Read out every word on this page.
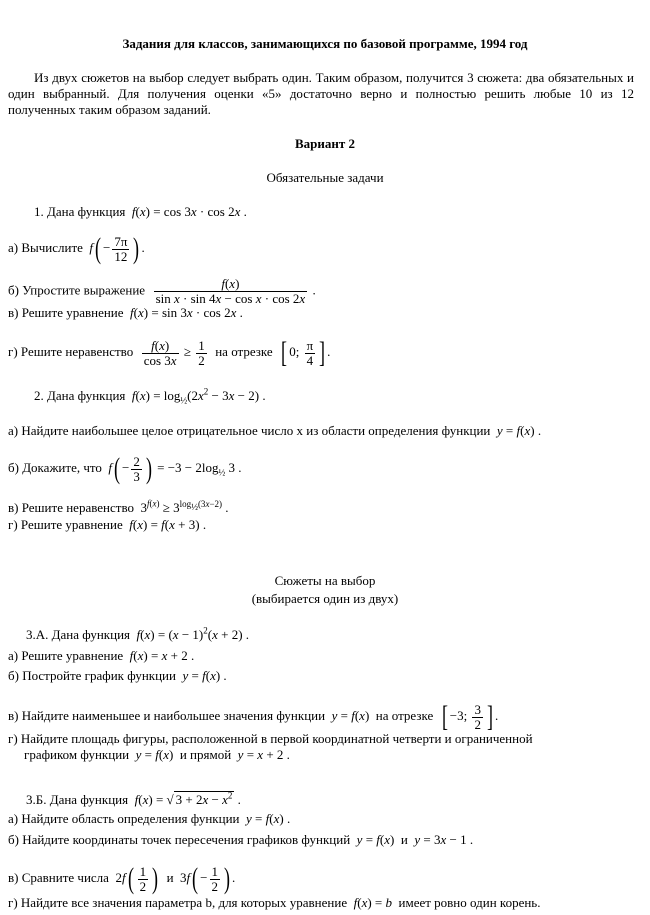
Задания для классов, занимающихся по базовой программе, 1994 год
Из двух сюжетов на выбор следует выбрать один. Таким образом, получится 3 сюжета: два обязательных и один выбранный. Для получения оценки «5» достаточно верно и полностью решить любые 10 из 12 полученных таким образом заданий.
Вариант 2
Обязательные задачи
1. Дана функция f(x) = cos 3x · cos 2x .
а) Вычислите $f( - \frac{7\pi}{12}$ ) .
б) Упростите выражение $\frac{f(x)}{\text{sin x · sin 4x − cos x · cos 2x}}$ .
в) Решите уравнение f(x) = sin 3x · cos 2x .
г) Решите неравенство $\frac{f(x)}{\cos 3x} \ge \frac{1}{2}$ на отрезке [ 0; $\frac{\pi}{4}$ ] .
2. Дана функция $f(x) = \log_{\frac{1}{2}}(2x^2 - 3x - 2)$ .
а) Найдите наибольшее целое отрицательное число x из области определения функции y = f(x) .
б) Докажите, что $f( - \frac{2}{3}$ ) = $-3 - 2\log_{\frac{1}{2}}$ 3 .
в) Решите неравенство  $3^{f(x)} \ge 3^{log_{\frac{1}{2}}(3x-2)}$ .
г) Решите уравнение f(x) = f(x + 3) .
Сюжеты на выбор
(выбирается один из двух)
3.А. Дана функция $f(x) = (x - 1)^2(x + 2)$ .
а) Решите уравнение f(x) = x + 2 .
б) Постройте график функции y = f(x) .
в) Найдите наименьшее и наибольшее значения функции y = f(x)  на отрезке [ −3; $\frac{3}{2}$ ] .
г) Найдите площадь фигуры, расположенной в первой координатной четверти и ограниченной
графиком функции y = f(x)  и прямой y = x + 2 .
3.Б. Дана функция f(x) = √ $3 + 2x - x^2$ .
а) Найдите область определения функции y = f(x) .
б) Найдите координаты точек пересечения графиков функций y = f(x)  и y = 3x − 1 .
в) Сравните числа  $2f( \frac{1}{2}$ ) и  $3f( - \frac{1}{2}$ ) .
г) Найдите все значения параметра b, для которых уравнение f(x) = b имеет ровно один корень.
